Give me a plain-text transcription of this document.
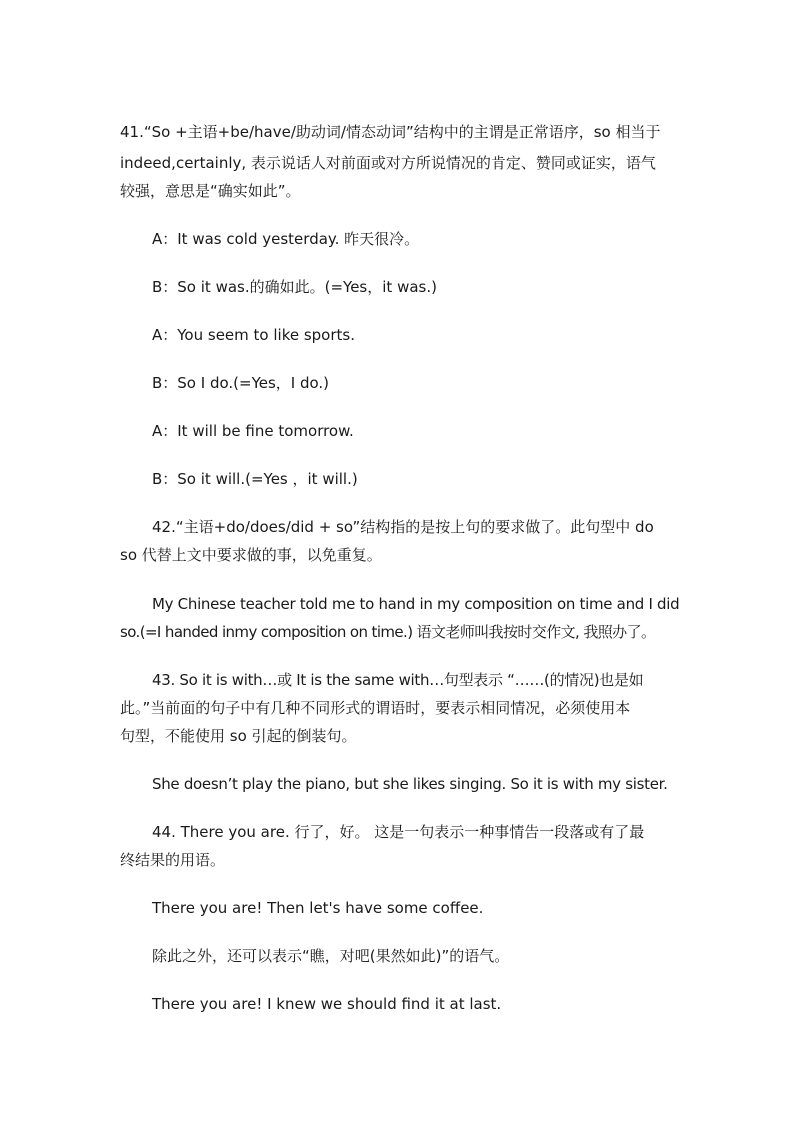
41.“So +主语+be/have/助动词/情态动词”结构中的主谓是正常语序，so 相当于
indeed,certainly, 表示说话人对前面或对方所说情况的肯定、赞同或证实，语气
较强，意思是“确实如此”。
A：It was cold yesterday. 昨天很冷。
B：So it was.的确如此。(=Yes，it was.)
A：You seem to like sports.
B：So I do.(=Yes，I do.)
A：It will be fine tomorrow.
B：So it will.(=Yes ，it will.)
42.“主语+do/does/did + so”结构指的是按上句的要求做了。此句型中 do
so 代替上文中要求做的事，以免重复。
My Chinese teacher told me to hand in my composition on time and I did
so.(=I handed inmy composition on time.) 语文老师叫我按时交作文, 我照办了。
43. So it is with…或 It is the same with…句型表示 “……(的情况)也是如
此。”当前面的句子中有几种不同形式的谓语时，要表示相同情况，必须使用本
句型，不能使用 so 引起的倒装句。
She doesn’t play the piano, but she likes singing. So it is with my sister.
44. There you are. 行了，好。 这是一句表示一种事情告一段落或有了最
终结果的用语。
There you are! Then let's have some coffee.
除此之外，还可以表示“瞧，对吧(果然如此)”的语气。
There you are! I knew we should find it at last.
